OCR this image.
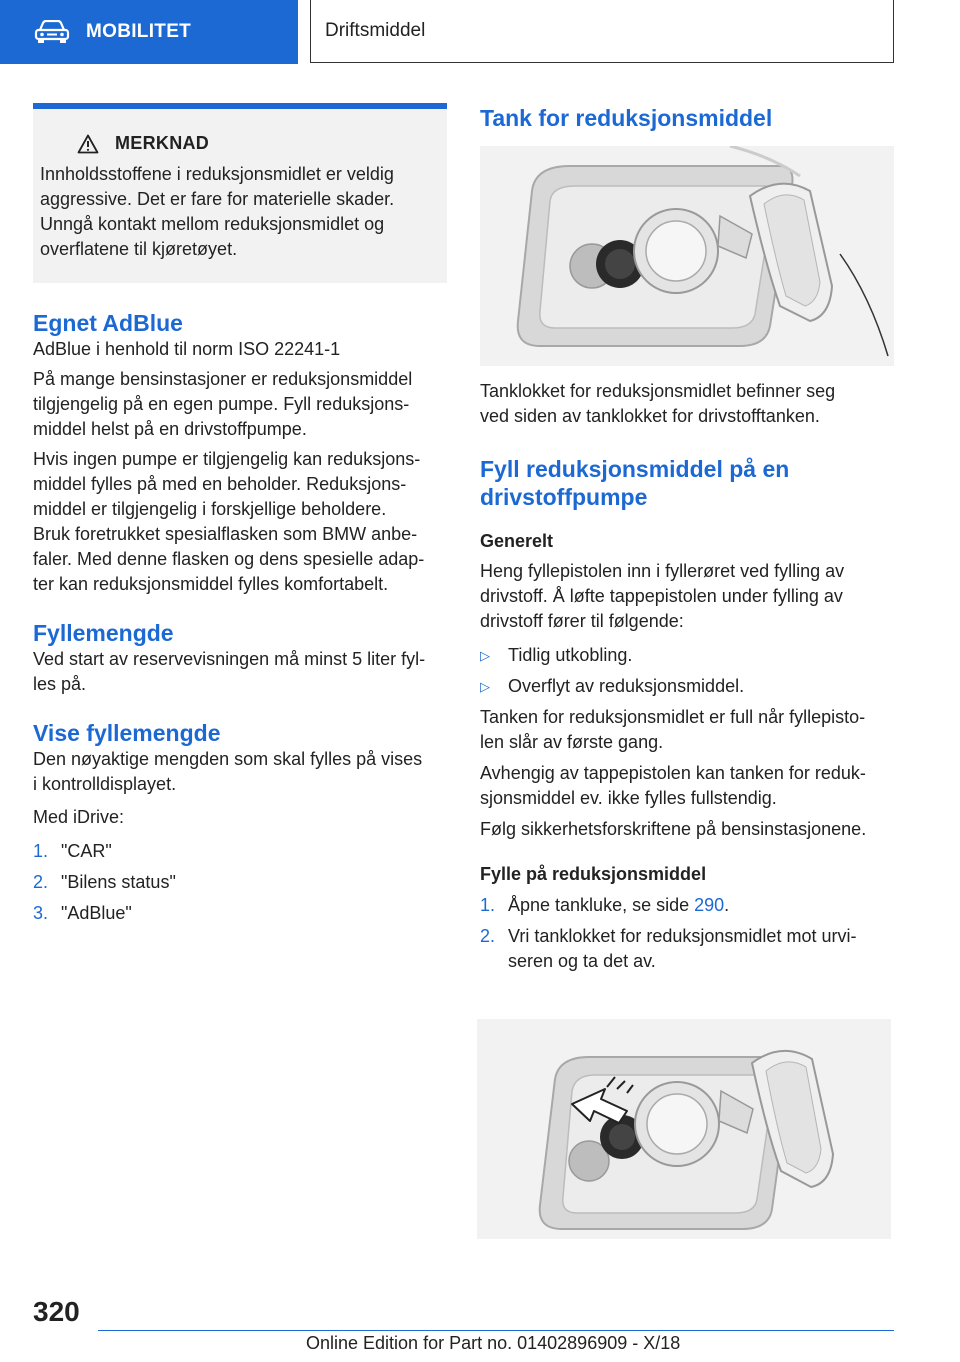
MOBILITET	Driftsmiddel
MERKNAD
Innholdsstoffene i reduksjonsmidlet er veldig
aggressive. Det er fare for materielle skader.
Unngå kontakt mellom reduksjonsmidlet og
overflatene til kjøretøyet.
Egnet AdBlue

AdBlue i henhold til norm ISO 22241-1

På mange bensinstasjoner er reduksjonsmiddel
tilgjengelig på en egen pumpe. Fyll reduksjons-
middel helst på en drivstoffpumpe.
Hvis ingen pumpe er tilgjengelig kan reduksjons-
middel fylles på med en beholder. Reduksjons-
middel er tilgjengelig i forskjellige beholdere.
Bruk foretrukket spesialflasken som BMW anbe-
faler. Med denne flasken og dens spesielle adap-
ter kan reduksjonsmiddel fylles komfortabelt.
Fyllemengde
Ved start av reservevisningen må minst 5 liter fyl-
les på.
Vise fyllemengde
Den nøyaktige mengden som skal fylles på vises
i kontrolldisplayet.

Med iDrive:

1. "CAR"
2. "Bilens status"
3. "AdBlue"
Tank for reduksjonsmiddel
Tanklokket for reduksjonsmidlet befinner seg
ved siden av tanklokket for drivstofftanken.
Fyll reduksjonsmiddel på en
drivstoffpumpe
Generelt
Heng fyllepistolen inn i fyllerøret ved fylling av
drivstoff. Å løfte tappepistolen under fylling av
drivstoff fører til følgende:
▷	Tidlig utkobling.
▷	Overflyt av reduksjonsmiddel.
Tanken for reduksjonsmidlet er full når fyllepisto-
len slår av første gang.
Avhengig av tappepistolen kan tanken for reduk-
sjonsmiddel ev. ikke fylles fullstendig.

Følg sikkerhetsforskriftene på bensinstasjonene.

Fylle på reduksjonsmiddel
1. Åpne tankluke, se side 290.
2. Vri tanklokket for reduksjonsmidlet mot urvi-
seren og ta det av.
320
Online Edition for Part no. 01402896909 - X/18
